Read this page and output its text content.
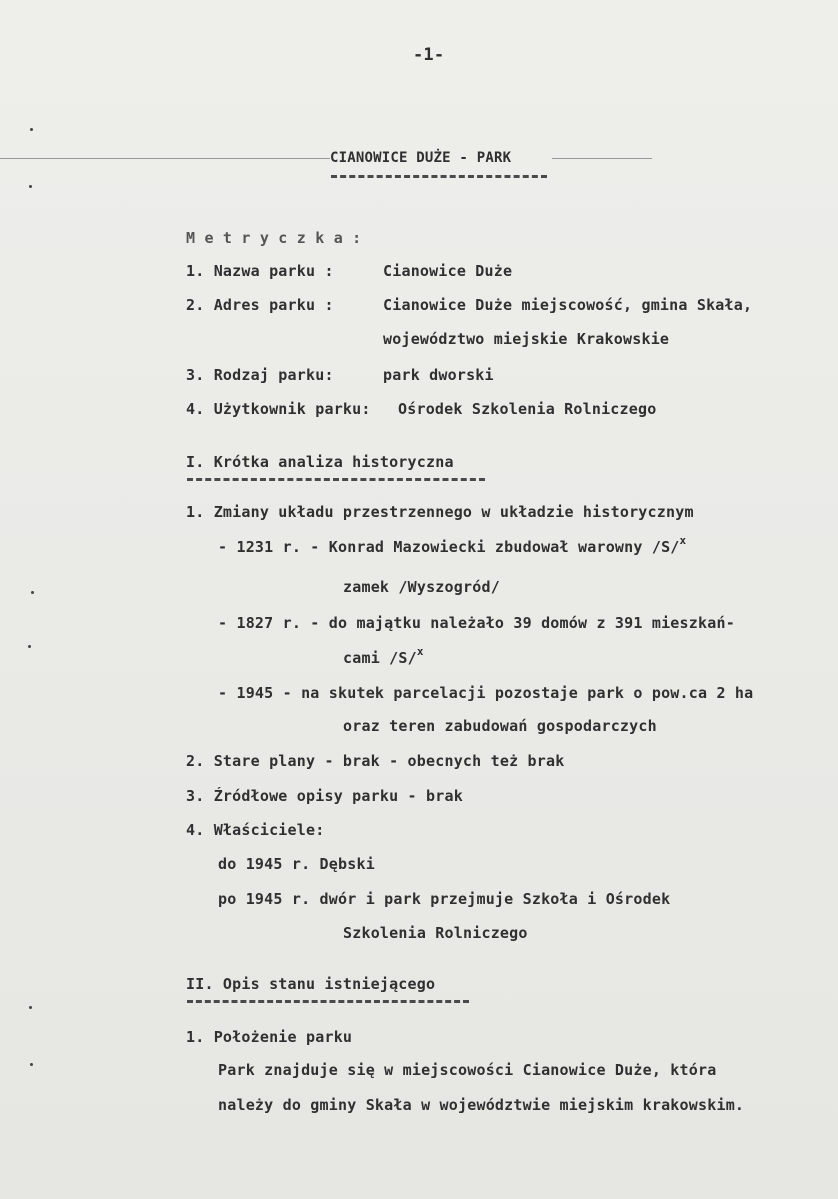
-1-
CIANOWICE DUŻE - PARK
M e t r y c z k a :
1. Nazwa parku :	Cianowice Duże
2. Adres parku :	Cianowice Duże miejscowość, gmina Skała,
województwo miejskie Krakowskie
3. Rodzaj parku:	park dworski
4. Użytkownik parku: Ośrodek Szkolenia Rolniczego
I. Krótka analiza historyczna
1. Zmiany układu przestrzennego w układzie historycznym
- 1231 r. - Konrad Mazowiecki zbudował warowny /S/$^x$
zamek /Wyszogród/
- 1827 r. - do majątku należało 39 domów z 391 mieszkań-
cami /S/$^x$
- 1945 - na skutek parcelacji pozostaje park o pow.ca 2 ha
oraz teren zabudowań gospodarczych
2. Stare plany - brak - obecnych też brak
3. Źródłowe opisy parku - brak
4. Właściciele:
do 1945 r. Dębski
po 1945 r. dwór i park przejmuje Szkoła i Ośrodek
Szkolenia Rolniczego
II. Opis stanu istniejącego
1. Położenie parku
Park znajduje się w miejscowości Cianowice Duże, która
należy do gminy Skała w województwie miejskim krakowskim.
